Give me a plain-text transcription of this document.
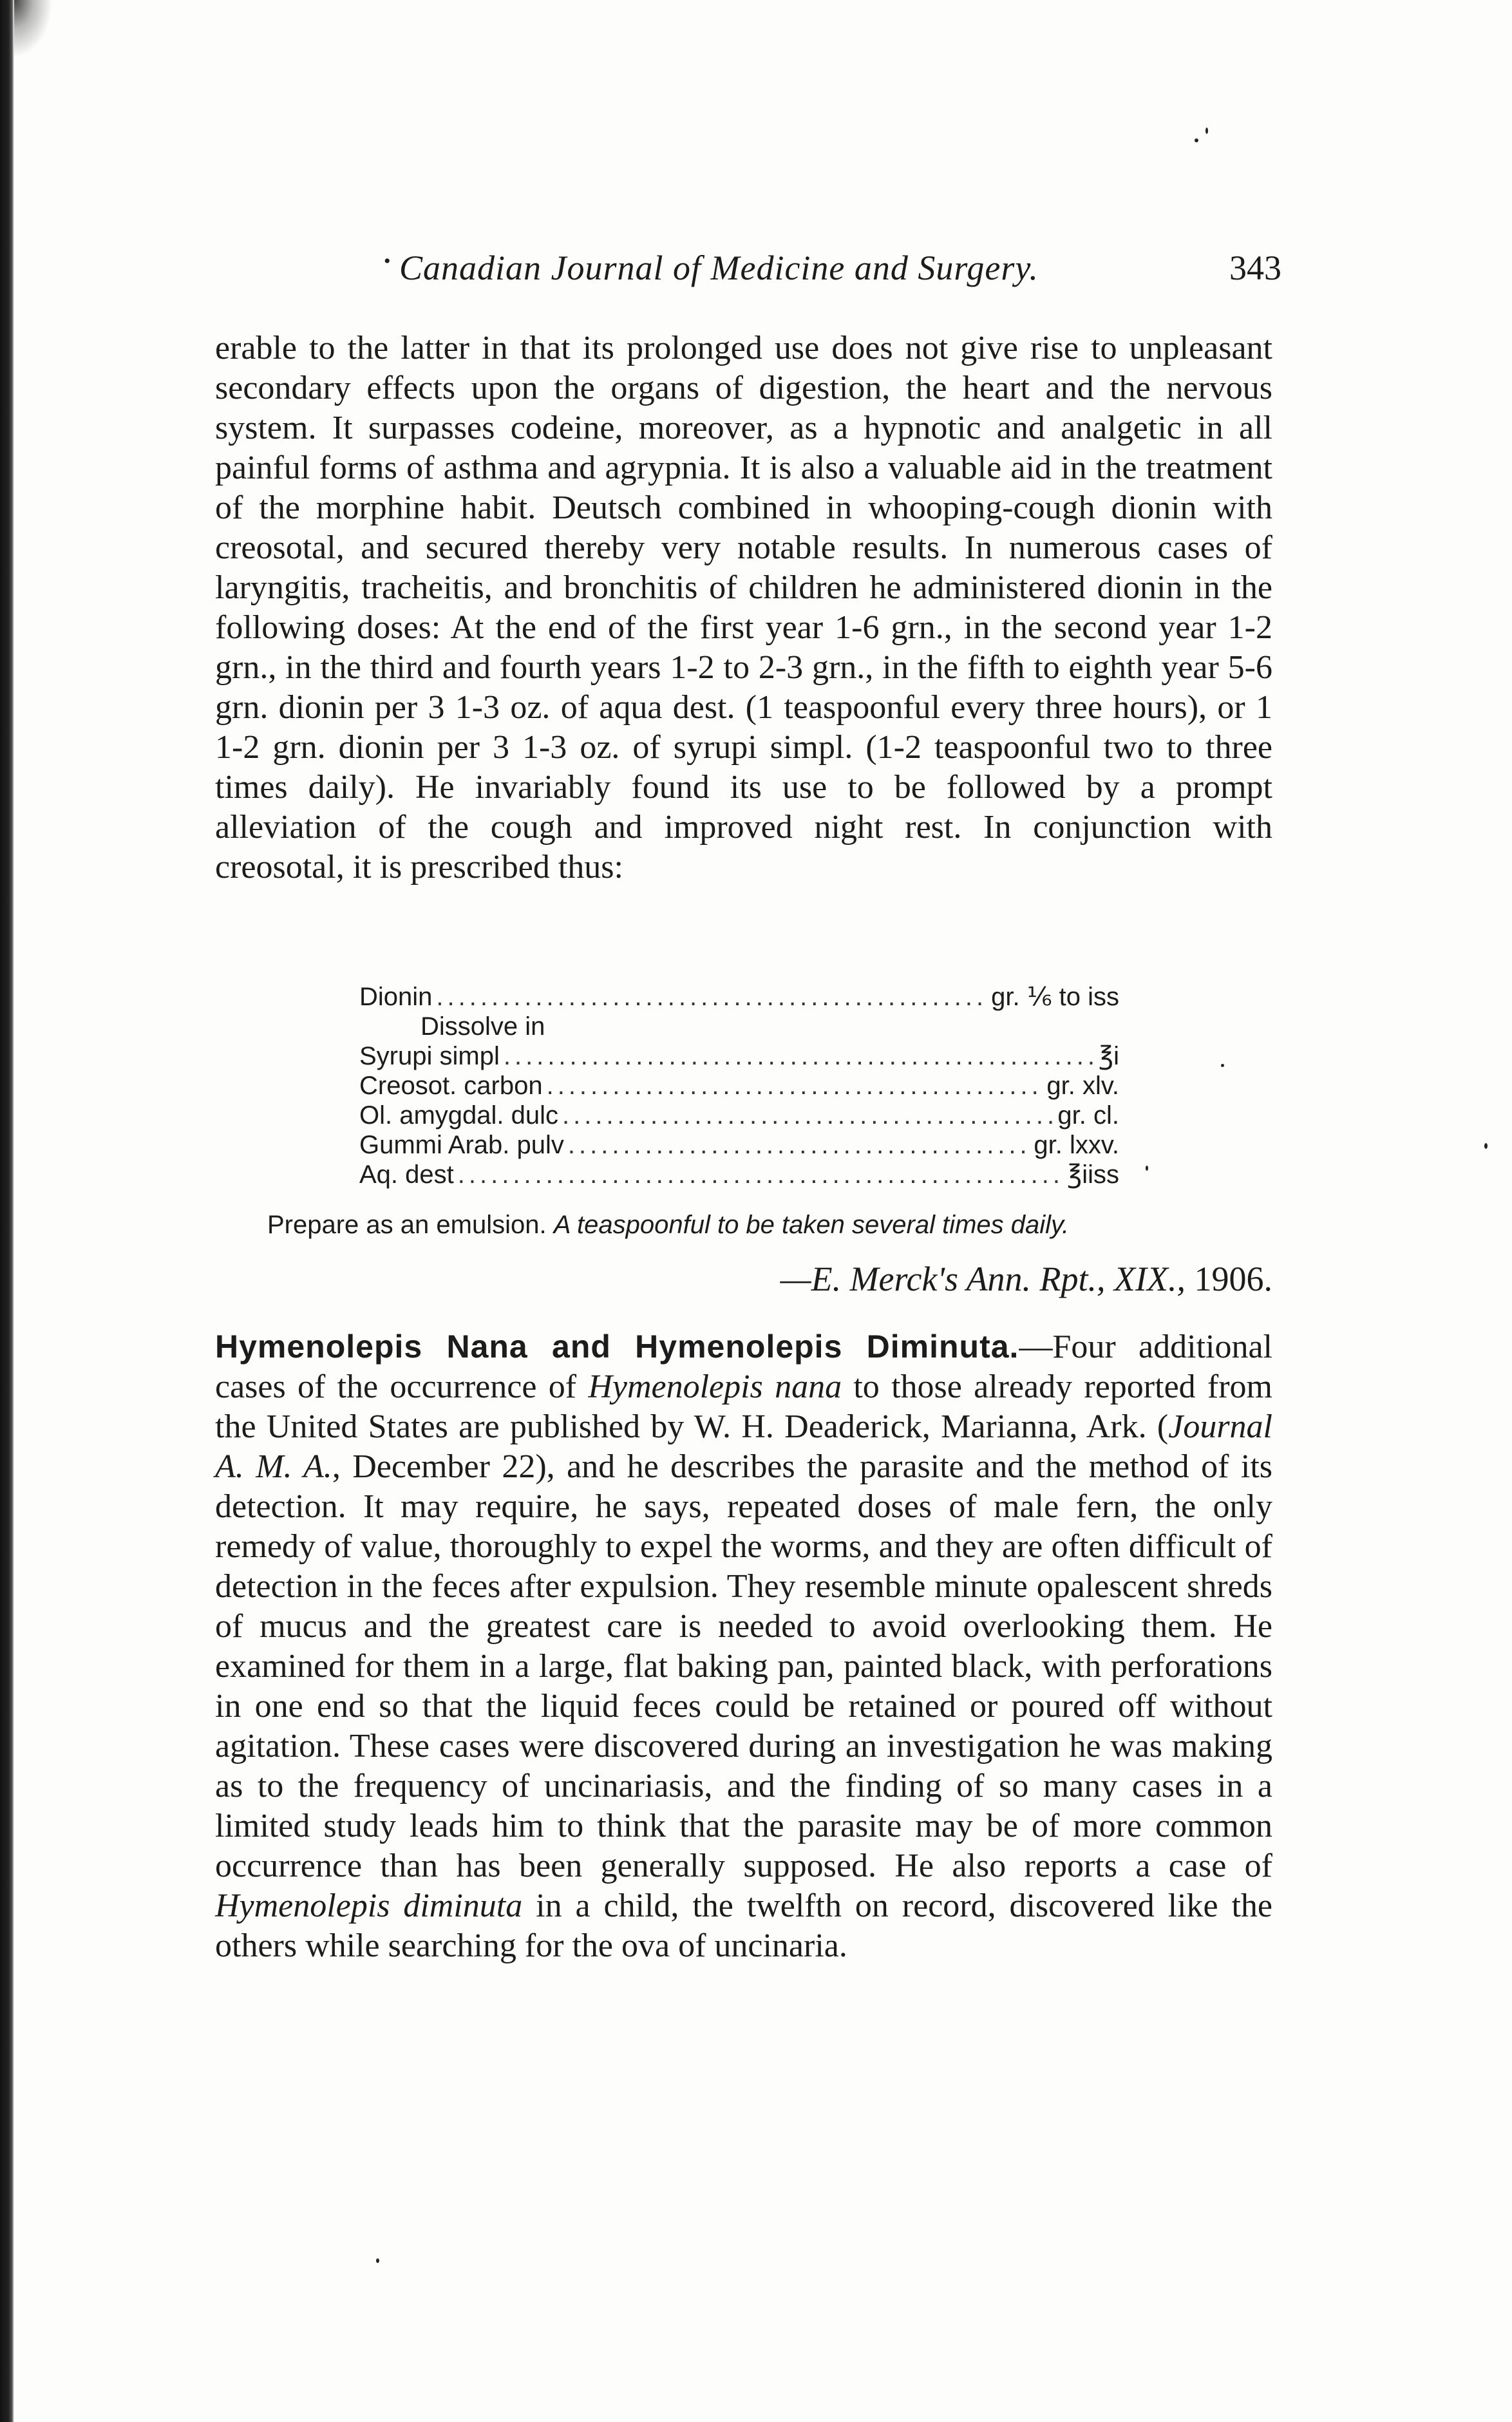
• Canadian Journal of Medicine and Surgery.	343

erable to the latter in that its prolonged use does not give rise to unpleasant secondary effects upon the organs of digestion, the heart and the nervous system. It surpasses codeine, moreover, as a hypnotic and analgetic in all painful forms of asthma and agrypnia. It is also a valuable aid in the treatment of the morphine habit. Deutsch combined in whooping-cough dionin with creosotal, and secured thereby very notable results. In numerous cases of laryngitis, tracheitis, and bronchitis of children he administered dionin in the following doses: At the end of the first year 1-6 grn., in the second year 1-2 grn., in the third and fourth years 1-2 to 2-3 grn., in the fifth to eighth year 5-6 grn. dionin per 3 1-3 oz. of aqua dest. (1 teaspoonful every three hours), or 1 1-2 grn. dionin per 3 1-3 oz. of syrupi simpl. (1-2 teaspoonful two to three times daily). He invariably found its use to be followed by a prompt alleviation of the cough and improved night rest. In conjunction with creosotal, it is prescribed thus:

Dionin .....	gr. ⅙ to iss
Dissolve in
Syrupi simpl .....	℥i
Creosot. carbon .....	gr. xlv.
Ol. amygdal. dulc .....	gr. cl.
Gummi Arab. pulv .....	gr. lxxv.
Aq. dest .....	℥iiss
Prepare as an emulsion. A teaspoonful to be taken several times daily.
—E. Merck's Ann. Rpt., XIX., 1906.

Hymenolepis Nana and Hymenolepis Diminuta.—Four additional cases of the occurrence of Hymenolepis nana to those already reported from the United States are published by W. H. Deaderick, Marianna, Ark. (Journal A. M. A., December 22), and he describes the parasite and the method of its detection. It may require, he says, repeated doses of male fern, the only remedy of value, thoroughly to expel the worms, and they are often difficult of detection in the feces after expulsion. They resemble minute opalescent shreds of mucus and the greatest care is needed to avoid overlooking them. He examined for them in a large, flat baking pan, painted black, with perforations in one end so that the liquid feces could be retained or poured off without agitation. These cases were discovered during an investigation he was making as to the frequency of uncinariasis, and the finding of so many cases in a limited study leads him to think that the parasite may be of more common occurrence than has been generally supposed. He also reports a case of Hymenolepis diminuta in a child, the twelfth on record, discovered like the others while searching for the ova of uncinaria.
